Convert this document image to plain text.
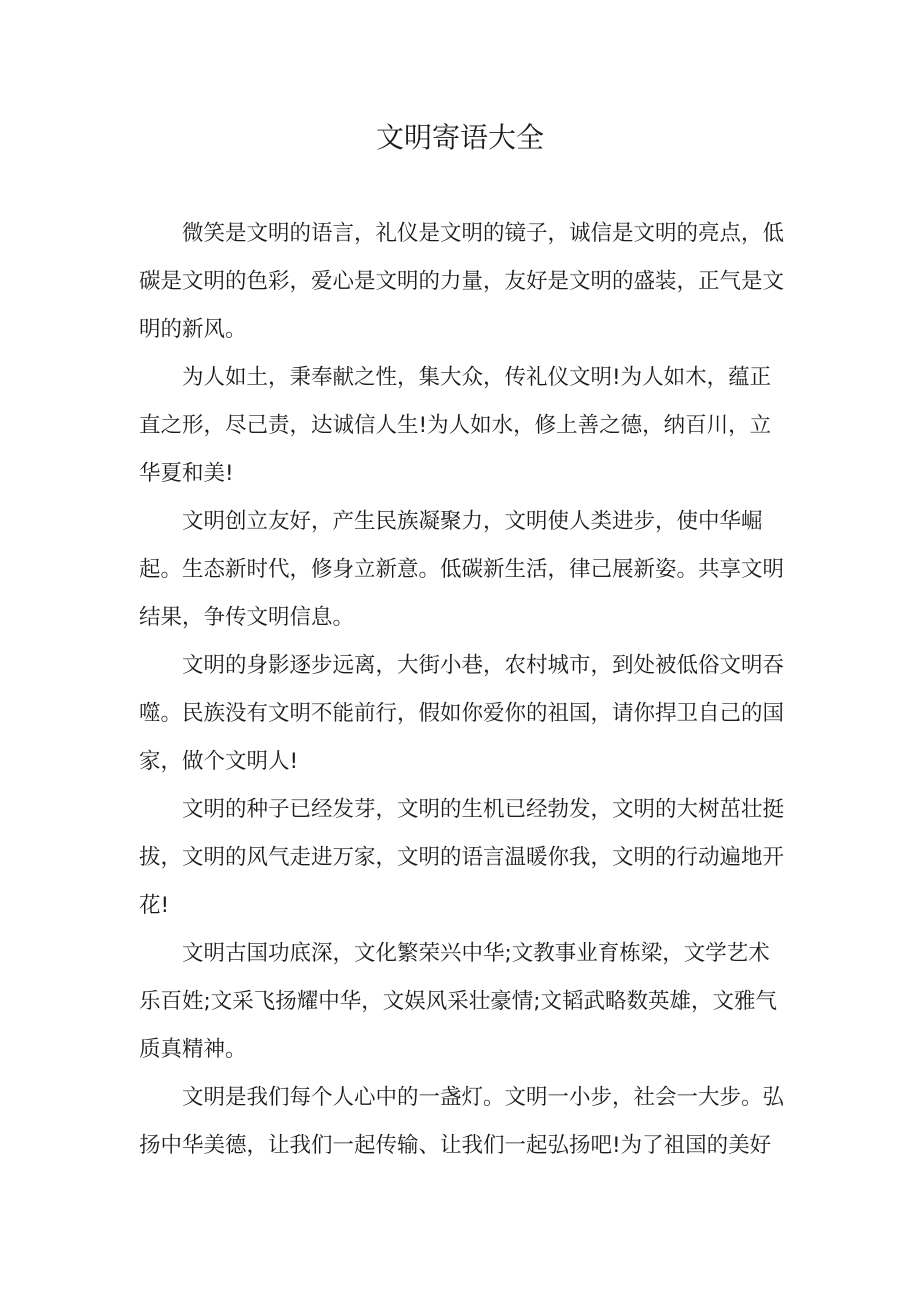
文明寄语大全

微笑是文明的语言，礼仪是文明的镜子，诚信是文明的亮点，低碳是文明的色彩，爱心是文明的力量，友好是文明的盛装，正气是文明的新风。

为人如土，秉奉献之性，集大众，传礼仪文明!为人如木，蕴正直之形，尽己责，达诚信人生!为人如水，修上善之德，纳百川，立华夏和美!

文明创立友好，产生民族凝聚力，文明使人类进步，使中华崛起。生态新时代，修身立新意。低碳新生活，律己展新姿。共享文明结果，争传文明信息。

文明的身影逐步远离，大街小巷，农村城市，到处被低俗文明吞噬。民族没有文明不能前行，假如你爱你的祖国，请你捍卫自己的国家，做个文明人!

文明的种子已经发芽，文明的生机已经勃发，文明的大树茁壮挺拔，文明的风气走进万家，文明的语言温暖你我，文明的行动遍地开花!

文明古国功底深，文化繁荣兴中华;文教事业育栋梁，文学艺术乐百姓;文采飞扬耀中华，文娱风采壮豪情;文韬武略数英雄，文雅气质真精神。

文明是我们每个人心中的一盏灯。文明一小步，社会一大步。弘扬中华美德，让我们一起传输、让我们一起弘扬吧!为了祖国的美好
